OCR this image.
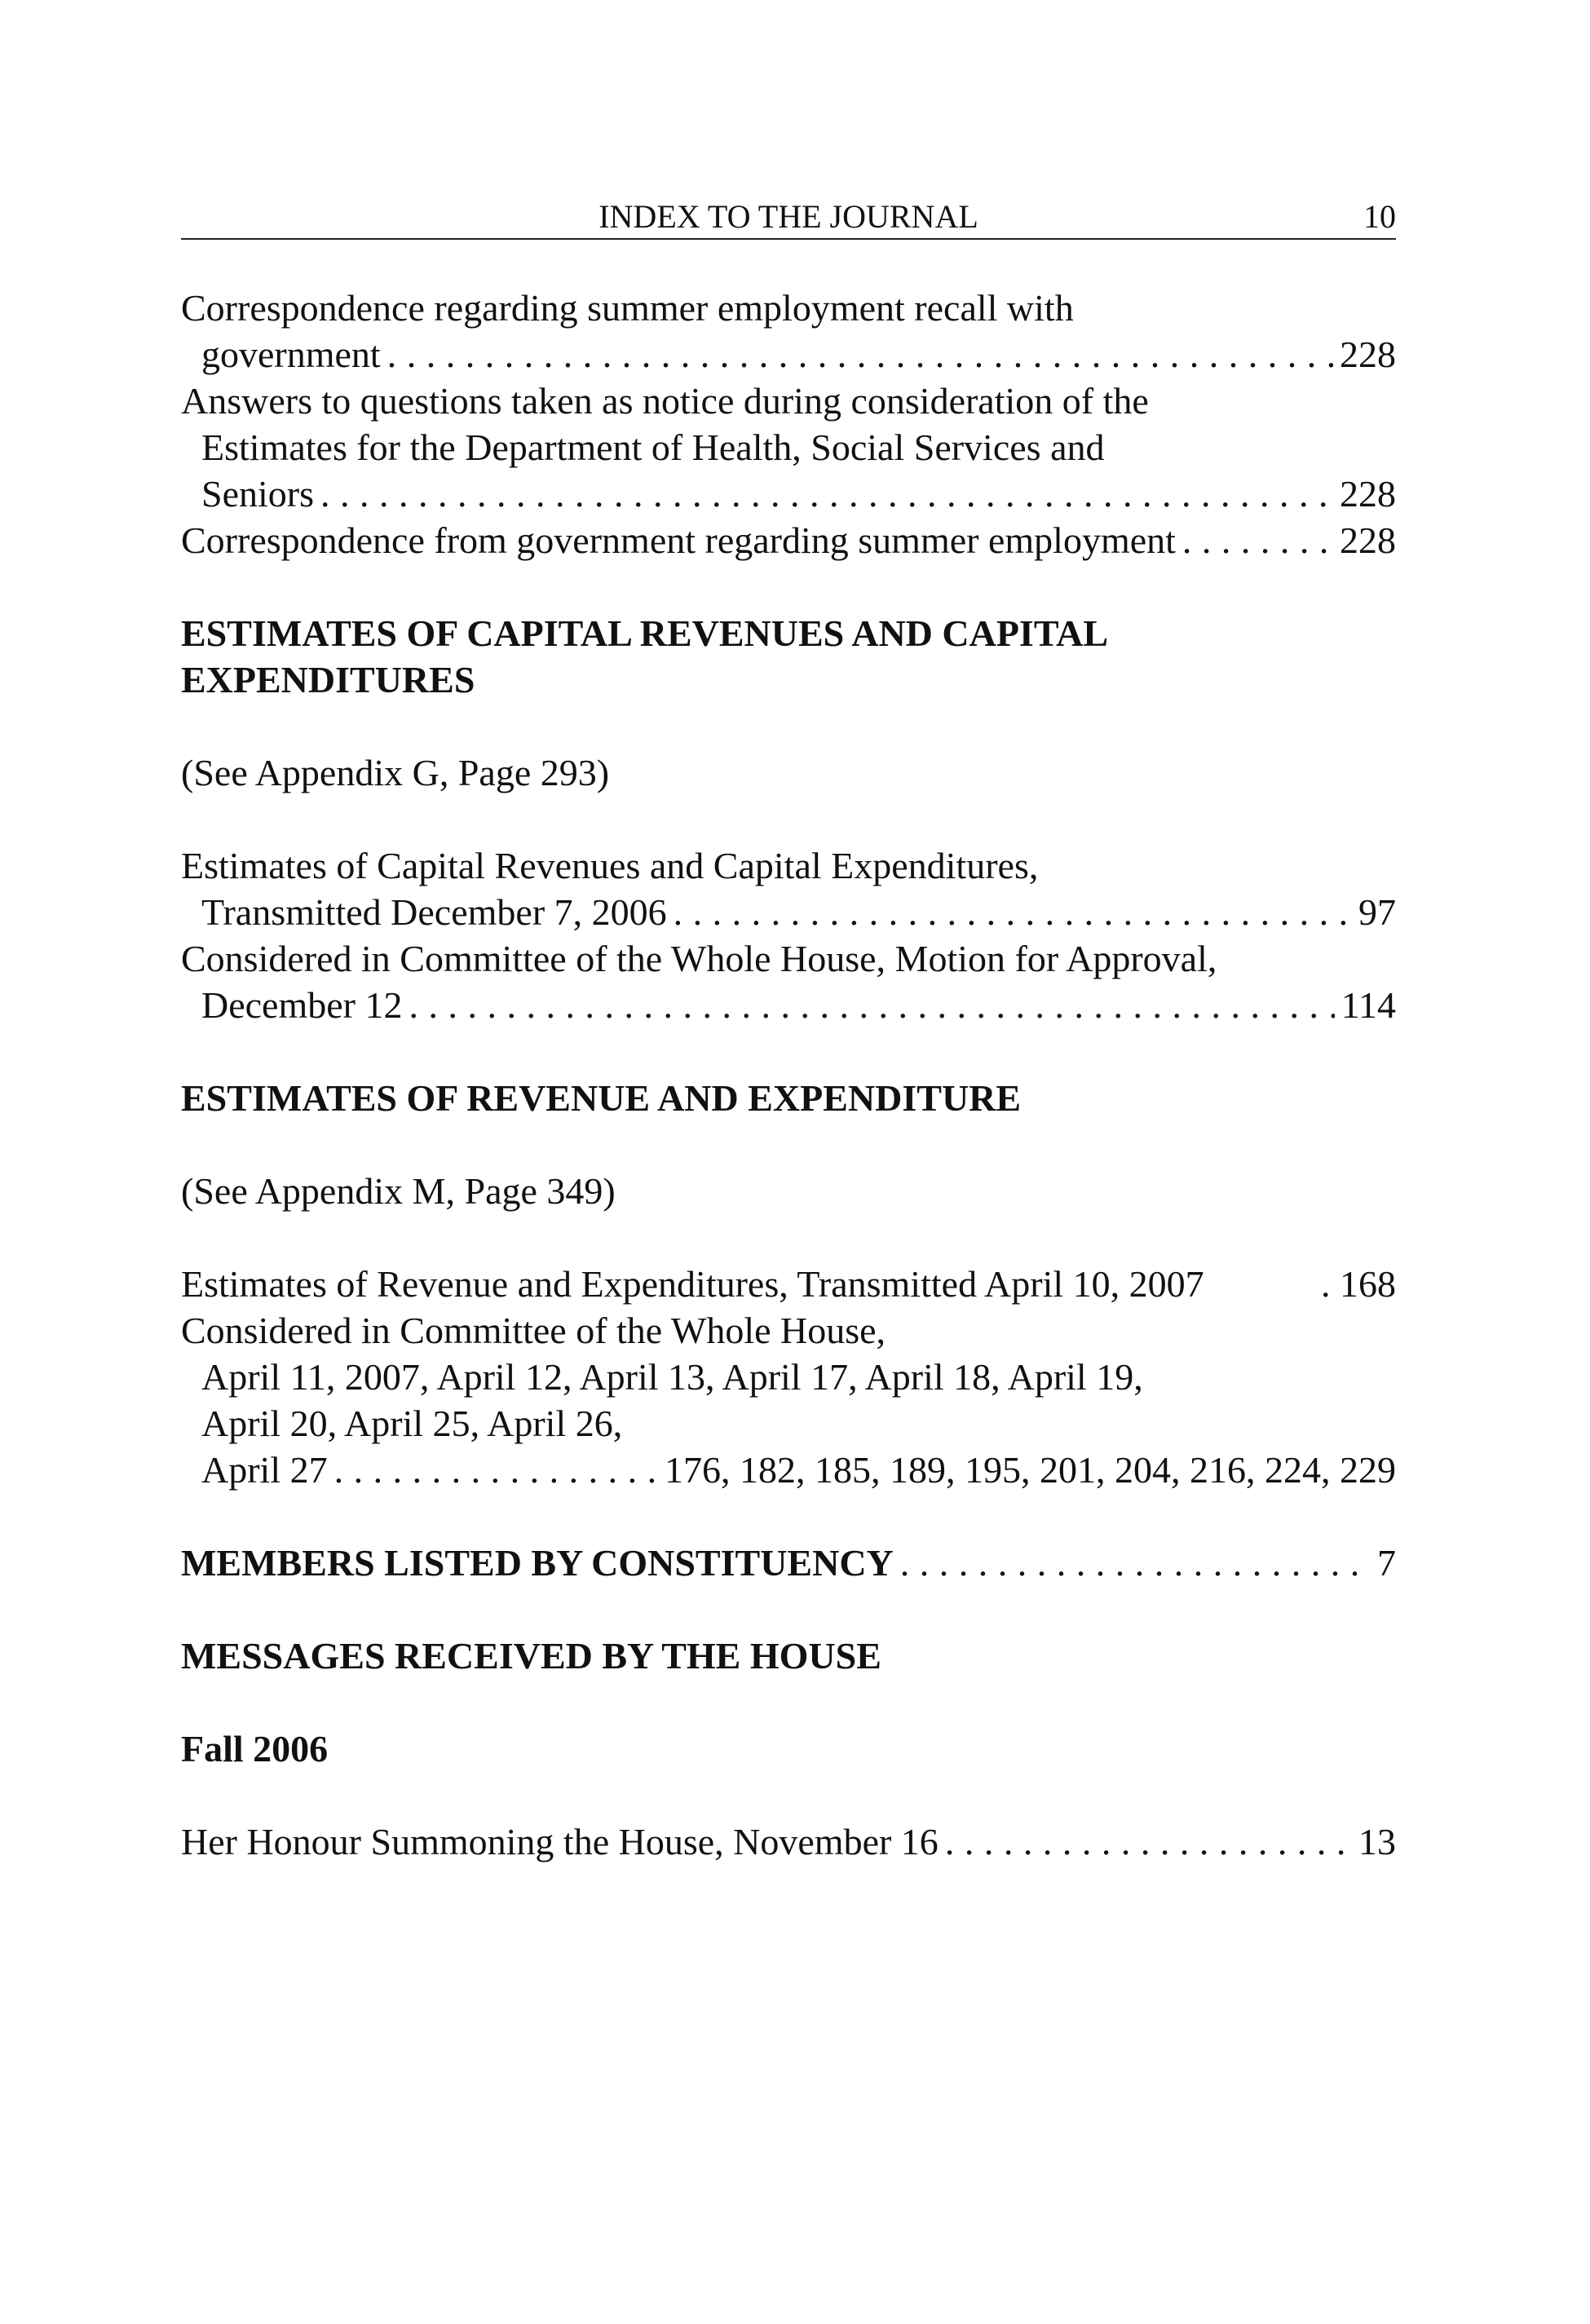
INDEX TO THE JOURNAL	10
Correspondence regarding summer employment recall with
government . . .	228
Answers to questions taken as notice during consideration of the
Estimates for the Department of Health, Social Services and
Seniors . . .	228
Correspondence from government regarding summer employment . . .	228
ESTIMATES OF CAPITAL REVENUES AND CAPITAL
EXPENDITURES
(See Appendix G, Page 293)
Estimates of Capital Revenues and Capital Expenditures,
Transmitted December 7, 2006 . . .	97
Considered in Committee of the Whole House, Motion for Approval,
December 12 . . .	114
ESTIMATES OF REVENUE AND EXPENDITURE
(See Appendix M, Page 349)
Estimates of Revenue and Expenditures, Transmitted April 10, 2007	. 168
Considered in Committee of the Whole House,
April 11, 2007, April 12, April 13, April 17, April 18, April 19,
April 20, April 25, April 26,
April 27 . . .	176, 182, 185, 189, 195, 201, 204, 216, 224, 229
MEMBERS LISTED BY CONSTITUENCY . . .	7
MESSAGES RECEIVED BY THE HOUSE
Fall 2006
Her Honour Summoning the House, November 16 . . .	13
